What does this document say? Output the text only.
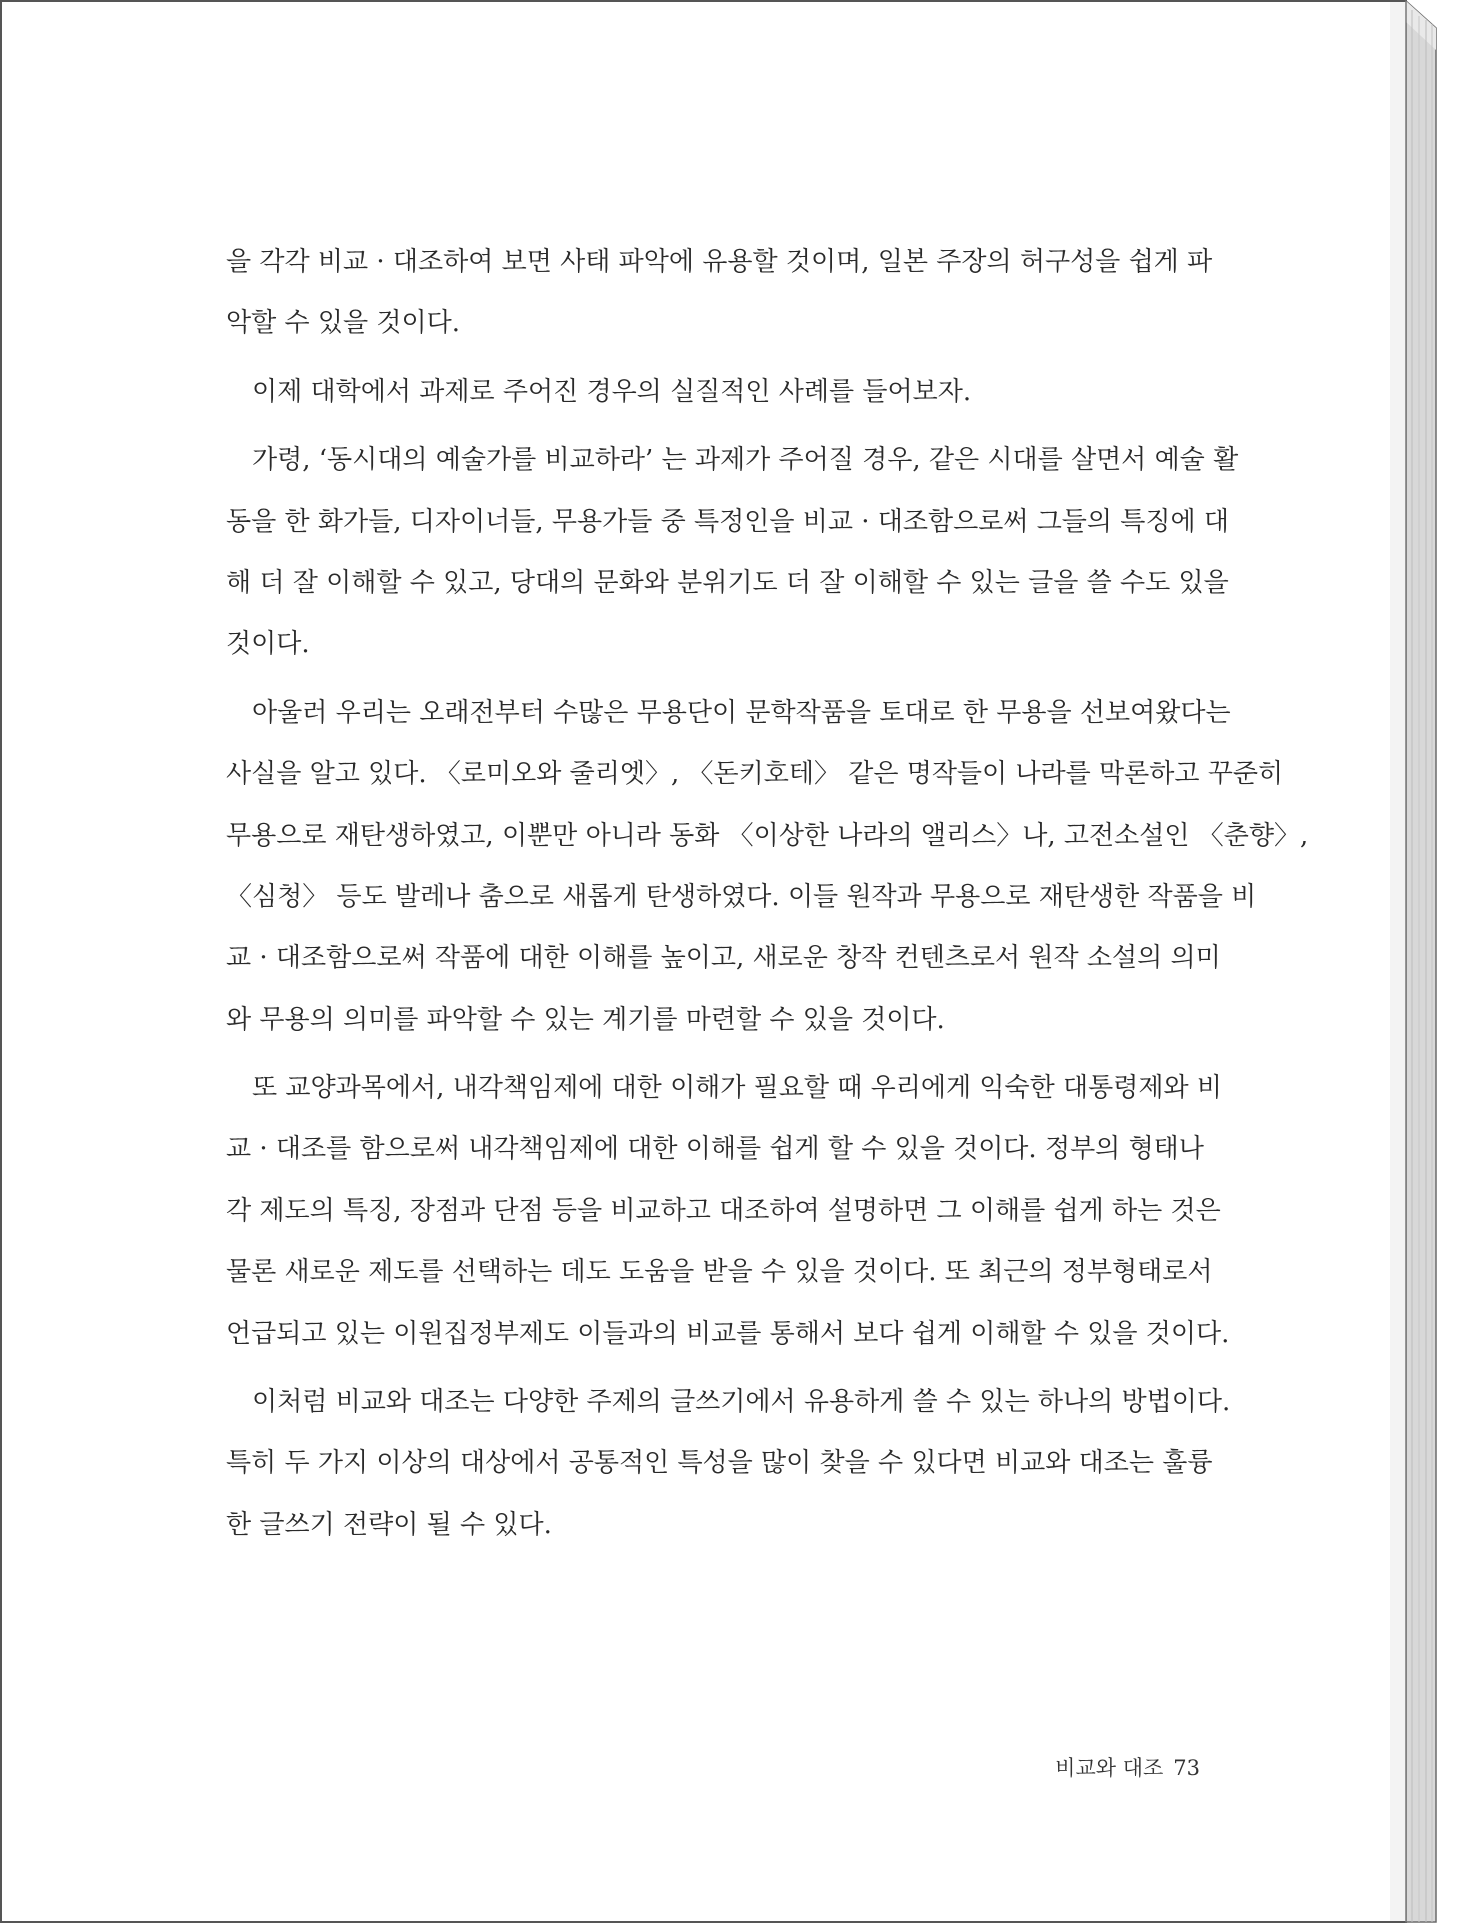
을 각각 비교 · 대조하여 보면 사태 파악에 유용할 것이며, 일본 주장의 허구성을 쉽게 파
악할 수 있을 것이다.
이제 대학에서 과제로 주어진 경우의 실질적인 사례를 들어보자.
가령, ‘동시대의 예술가를 비교하라’ 는 과제가 주어질 경우, 같은 시대를 살면서 예술 활
동을 한 화가들, 디자이너들, 무용가들 중 특정인을 비교 · 대조함으로써 그들의 특징에 대
해 더 잘 이해할 수 있고, 당대의 문화와 분위기도 더 잘 이해할 수 있는 글을 쓸 수도 있을
것이다.
아울러 우리는 오래전부터 수많은 무용단이 문학작품을 토대로 한 무용을 선보여왔다는
사실을 알고 있다. 〈로미오와 줄리엣〉, 〈돈키호테〉 같은 명작들이 나라를 막론하고 꾸준히
무용으로 재탄생하였고, 이뿐만 아니라 동화 〈이상한 나라의 앨리스〉나, 고전소설인 〈춘향〉,
〈심청〉 등도 발레나 춤으로 새롭게 탄생하였다. 이들 원작과 무용으로 재탄생한 작품을 비
교 · 대조함으로써 작품에 대한 이해를 높이고, 새로운 창작 컨텐츠로서 원작 소설의 의미
와 무용의 의미를 파악할 수 있는 계기를 마련할 수 있을 것이다.
또 교양과목에서, 내각책임제에 대한 이해가 필요할 때 우리에게 익숙한 대통령제와 비
교 · 대조를 함으로써 내각책임제에 대한 이해를 쉽게 할 수 있을 것이다. 정부의 형태나
각 제도의 특징, 장점과 단점 등을 비교하고 대조하여 설명하면 그 이해를 쉽게 하는 것은
물론 새로운 제도를 선택하는 데도 도움을 받을 수 있을 것이다. 또 최근의 정부형태로서
언급되고 있는 이원집정부제도 이들과의 비교를 통해서 보다 쉽게 이해할 수 있을 것이다.
이처럼 비교와 대조는 다양한 주제의 글쓰기에서 유용하게 쓸 수 있는 하나의 방법이다.
특히 두 가지 이상의 대상에서 공통적인 특성을 많이 찾을 수 있다면 비교와 대조는 훌륭
한 글쓰기 전략이 될 수 있다.
비교와 대조 73
